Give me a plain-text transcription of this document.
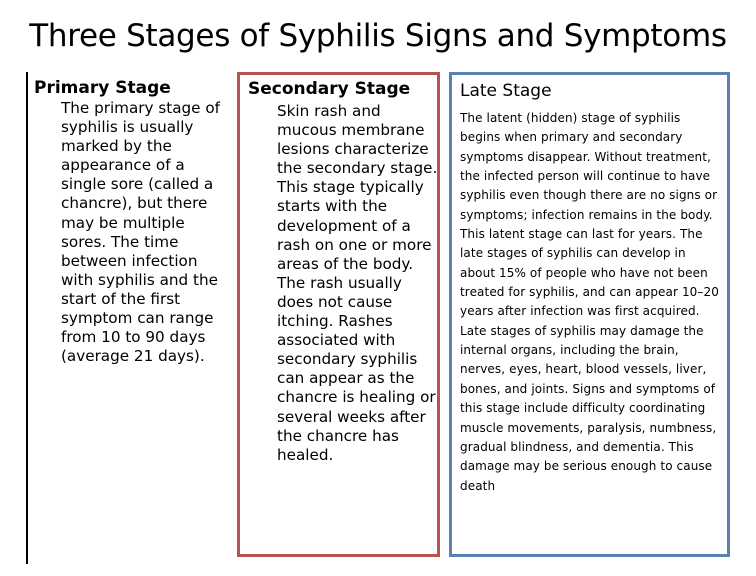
Three Stages of Syphilis Signs and Symptoms
Primary Stage
The primary stage of syphilis is usually marked by the appearance of a single sore (called a chancre), but there may be multiple sores. The time between infection with syphilis and the start of the first symptom can range from 10 to 90 days (average 21 days).
Secondary Stage
Skin rash and mucous membrane lesions characterize the secondary stage. This stage typically starts with the development of a rash on one or more areas of the body. The rash usually does not cause itching. Rashes associated with secondary syphilis can appear as the chancre is healing or several weeks after the chancre has healed.
Late Stage
The latent (hidden) stage of syphilis begins when primary and secondary symptoms disappear. Without treatment, the infected person will continue to have syphilis even though there are no signs or symptoms; infection remains in the body. This latent stage can last for years. The late stages of syphilis can develop in about 15% of people who have not been treated for syphilis, and can appear 10–20 years after infection was first acquired. Late stages of syphilis may damage the internal organs, including the brain, nerves, eyes, heart, blood vessels, liver, bones, and joints. Signs and symptoms of this stage include difficulty coordinating muscle movements, paralysis, numbness, gradual blindness, and dementia. This damage may be serious enough to cause death
